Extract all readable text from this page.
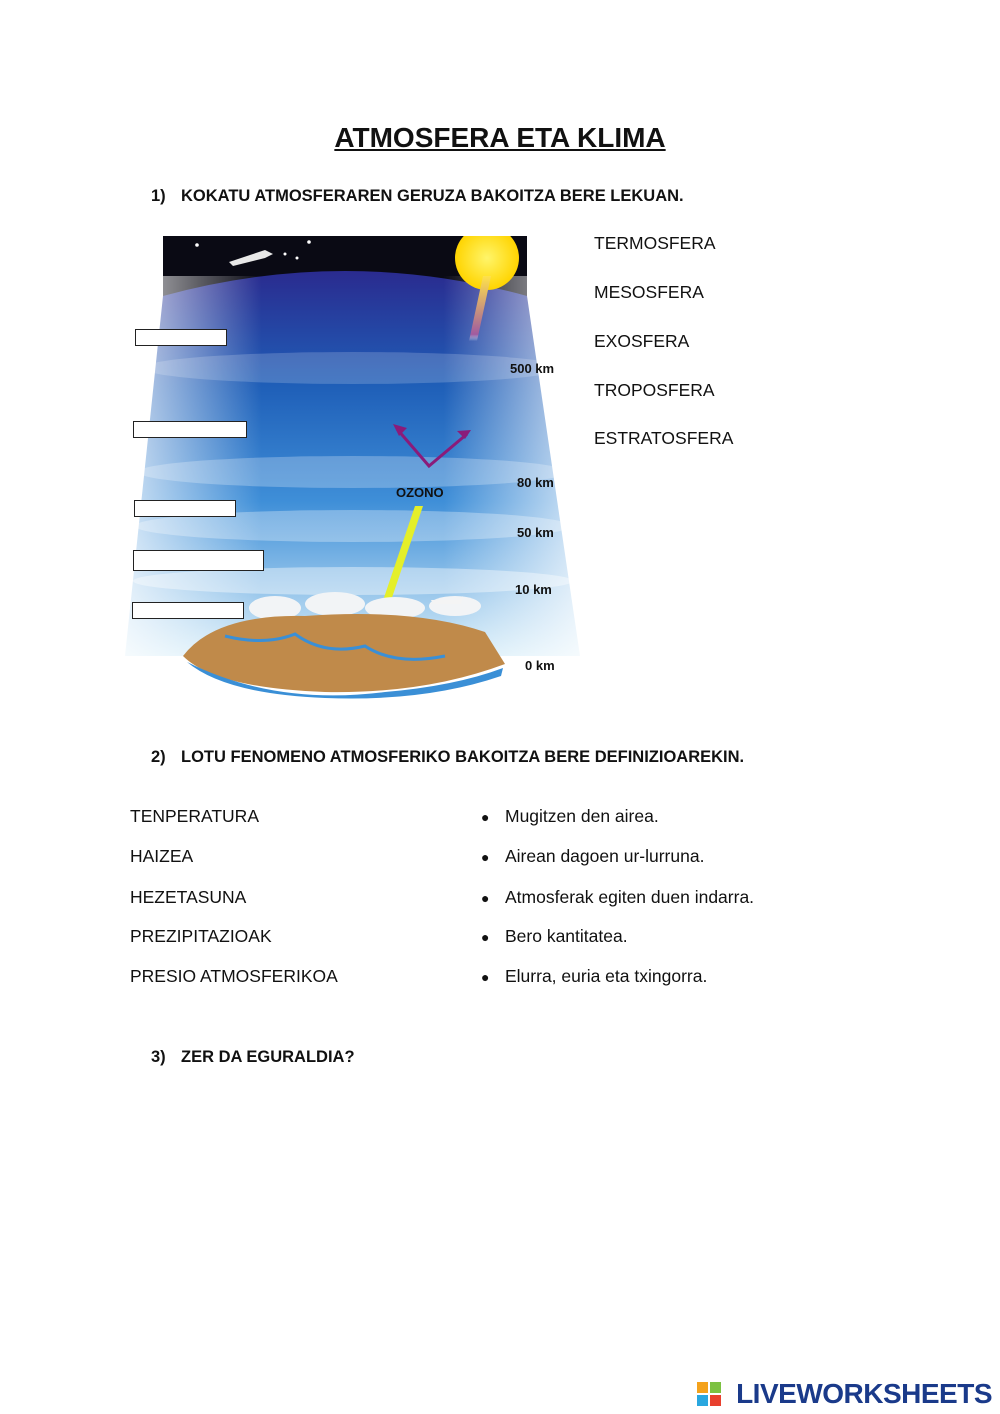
ATMOSFERA ETA KLIMA
1) KOKATU ATMOSFERAREN GERUZA BAKOITZA BERE LEKUAN.
500 km
80 km
50 km
10 km
0 km
OZONO
TERMOSFERA
MESOSFERA
EXOSFERA
TROPOSFERA
ESTRATOSFERA
2) LOTU FENOMENO ATMOSFERIKO BAKOITZA BERE DEFINIZIOAREKIN.
TENPERATURA
HAIZEA
HEZETASUNA
PREZIPITAZIOAK
PRESIO ATMOSFERIKOA
● Mugitzen den airea.
● Airean dagoen ur-lurruna.
● Atmosferak egiten duen indarra.
● Bero kantitatea.
● Elurra, euria eta txingorra.
3) ZER DA EGURALDIA?
LIVEWORKSHEETS
